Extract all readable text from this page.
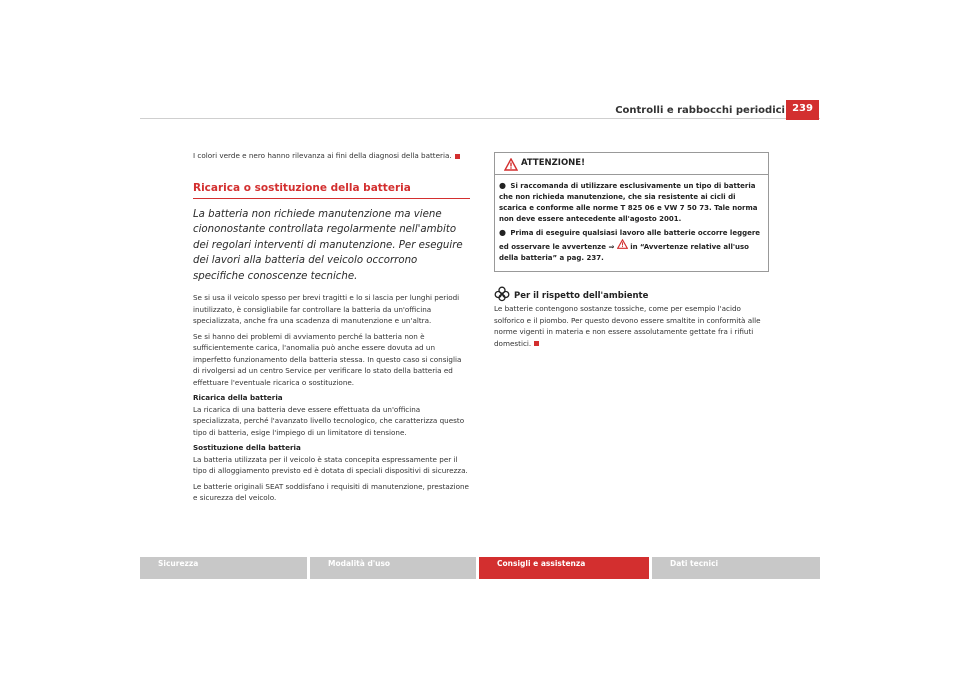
Controlli e rabbocchi periodici 239

I colori verde e nero hanno rilevanza ai fini della diagnosi della batteria.

Ricarica o sostituzione della batteria

La batteria non richiede manutenzione ma viene ciononostante controllata regolarmente nell'ambito dei regolari interventi di manutenzione. Per eseguire dei lavori alla batteria del veicolo occorrono specifiche conoscenze tecniche.

Se si usa il veicolo spesso per brevi tragitti e lo si lascia per lunghi periodi inutilizzato, è consigliabile far controllare la batteria da un'officina specializzata, anche fra una scadenza di manutenzione e un'altra.

Se si hanno dei problemi di avviamento perché la batteria non è sufficientemente carica, l'anomalia può anche essere dovuta ad un imperfetto funzionamento della batteria stessa. In questo caso si consiglia di rivolgersi ad un centro Service per verificare lo stato della batteria ed effettuare l'eventuale ricarica o sostituzione.

Ricarica della batteria

La ricarica di una batteria deve essere effettuata da un'officina specializzata, perché l'avanzato livello tecnologico, che caratterizza questo tipo di batteria, esige l'impiego di un limitatore di tensione.

Sostituzione della batteria

La batteria utilizzata per il veicolo è stata concepita espressamente per il tipo di alloggiamento previsto ed è dotata di speciali dispositivi di sicurezza.

Le batterie originali SEAT soddisfano i requisiti di manutenzione, prestazione e sicurezza del veicolo.

ATTENZIONE!

● Si raccomanda di utilizzare esclusivamente un tipo di batteria che non richieda manutenzione, che sia resistente ai cicli di scarica e conforme alle norme T 825 06 e VW 7 50 73. Tale norma non deve essere antecedente all'agosto 2001.

● Prima di eseguire qualsiasi lavoro alle batterie occorre leggere ed osservare le avvertenze ⇒ in “Avvertenze relative all'uso della batteria” a pag. 237.

Per il rispetto dell'ambiente

Le batterie contengono sostanze tossiche, come per esempio l'acido solforico e il piombo. Per questo devono essere smaltite in conformità alle norme vigenti in materia e non essere assolutamente gettate fra i rifiuti domestici.

Sicurezza	Modalità d'uso	Consigli e assistenza	Dati tecnici
